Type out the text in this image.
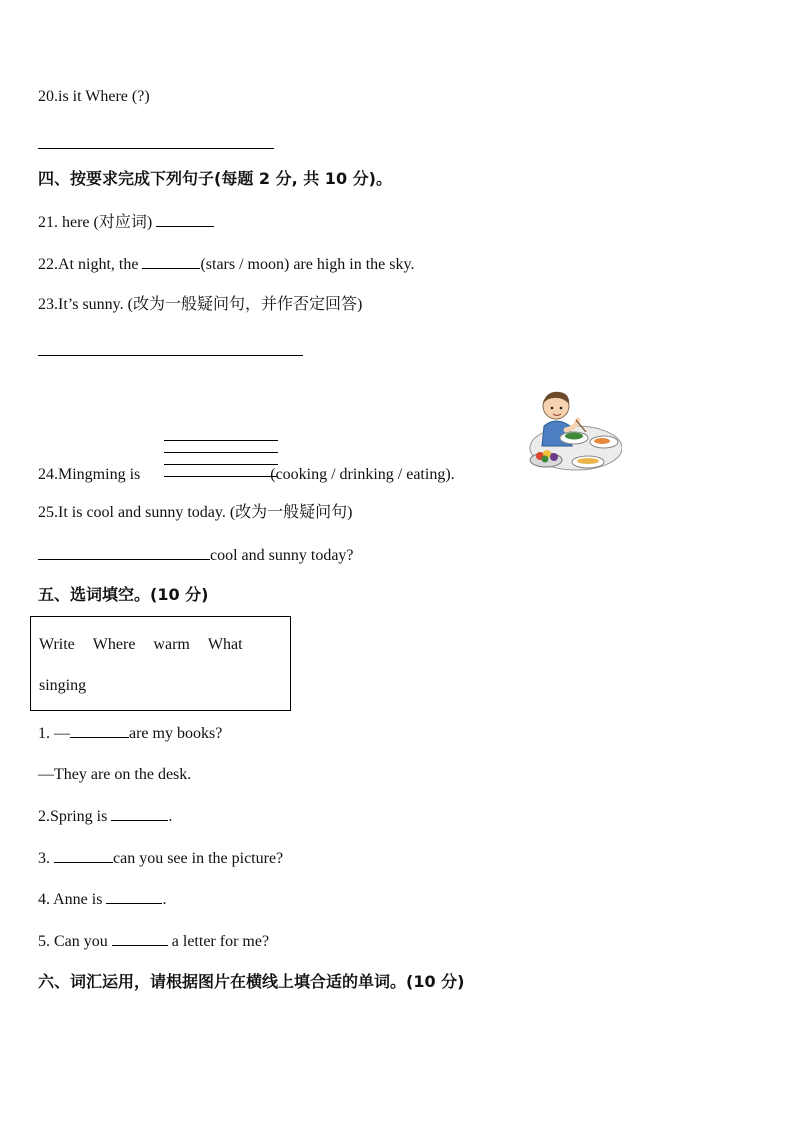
20.is it Where (?)
四、按要求完成下列句子(每题 2 分, 共 10 分)。
21. here (对应词)
22.At night, the	(stars / moon) are high in the sky.
23.It’s sunny. (改为一般疑问句，并作否定回答)
24.Mingming is	(cooking / drinking / eating).
25.It is cool and sunny today. (改为一般疑问句)
cool and sunny today?
五、选词填空。(10 分)
Write Where warm What
singing
1. —	are my books?
—They are on the desk.
2.Spring is	.
3.	can you see in the picture?
4. Anne is	.
5. Can you	a letter for me?
六、词汇运用，请根据图片在横线上填合适的单词。(10 分)
